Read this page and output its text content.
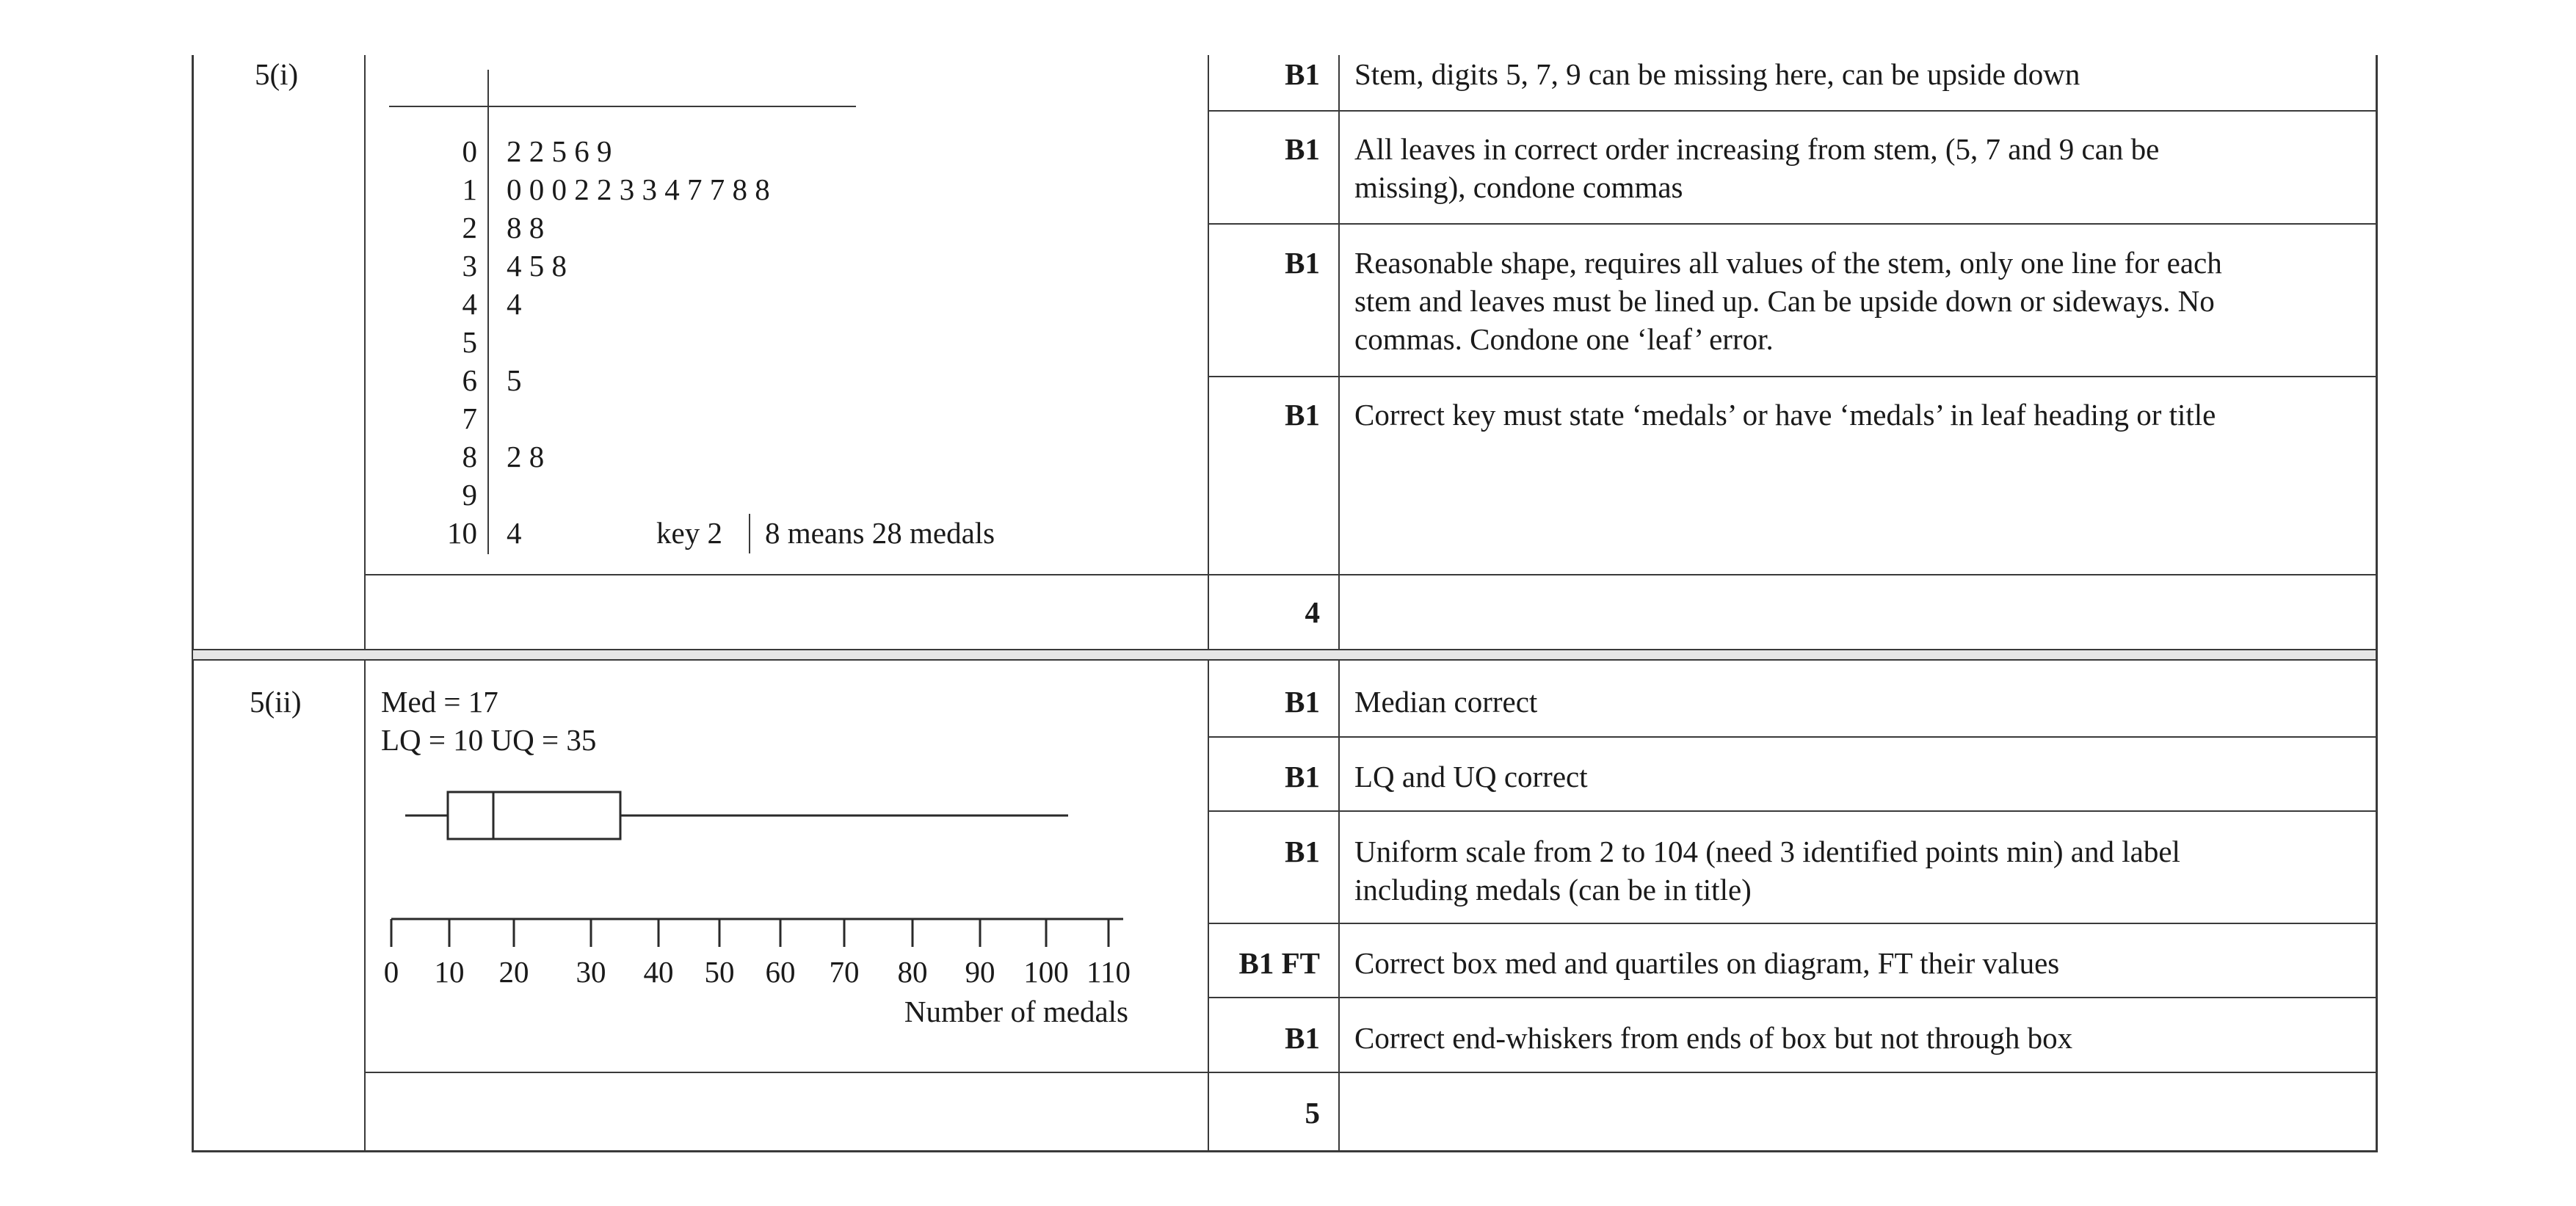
5(i)
0
1
2
3
4
5
6
7
8
9
10
2 2 5 6 9
0 0 0 2 2 3 3 4 7 7 8 8
8 8
4 5 8
4
5
2 8
4	key 2 8 means 28 medals
B1 Stem, digits 5, 7, 9 can be missing here, can be upside down
B1 All leaves in correct order increasing from stem, (5, 7 and 9 can be
missing), condone commas
B1 Reasonable shape, requires all values of the stem, only one line for each
stem and leaves must be lined up. Can be upside down or sideways. No
commas. Condone one ‘leaf’ error.
B1 Correct key must state ‘medals’ or have ‘medals’ in leaf heading or title
4
5(ii)	Med = 17
LQ = 10 UQ = 35
0 10 20 30 40 50 60 70 80 90 100 110
Number of medals
B1 Median correct
B1 LQ and UQ correct
B1 Uniform scale from 2 to 104 (need 3 identified points min) and label
including medals (can be in title)
B1 FT Correct box med and quartiles on diagram, FT their values
B1 Correct end-whiskers from ends of box but not through box
5
